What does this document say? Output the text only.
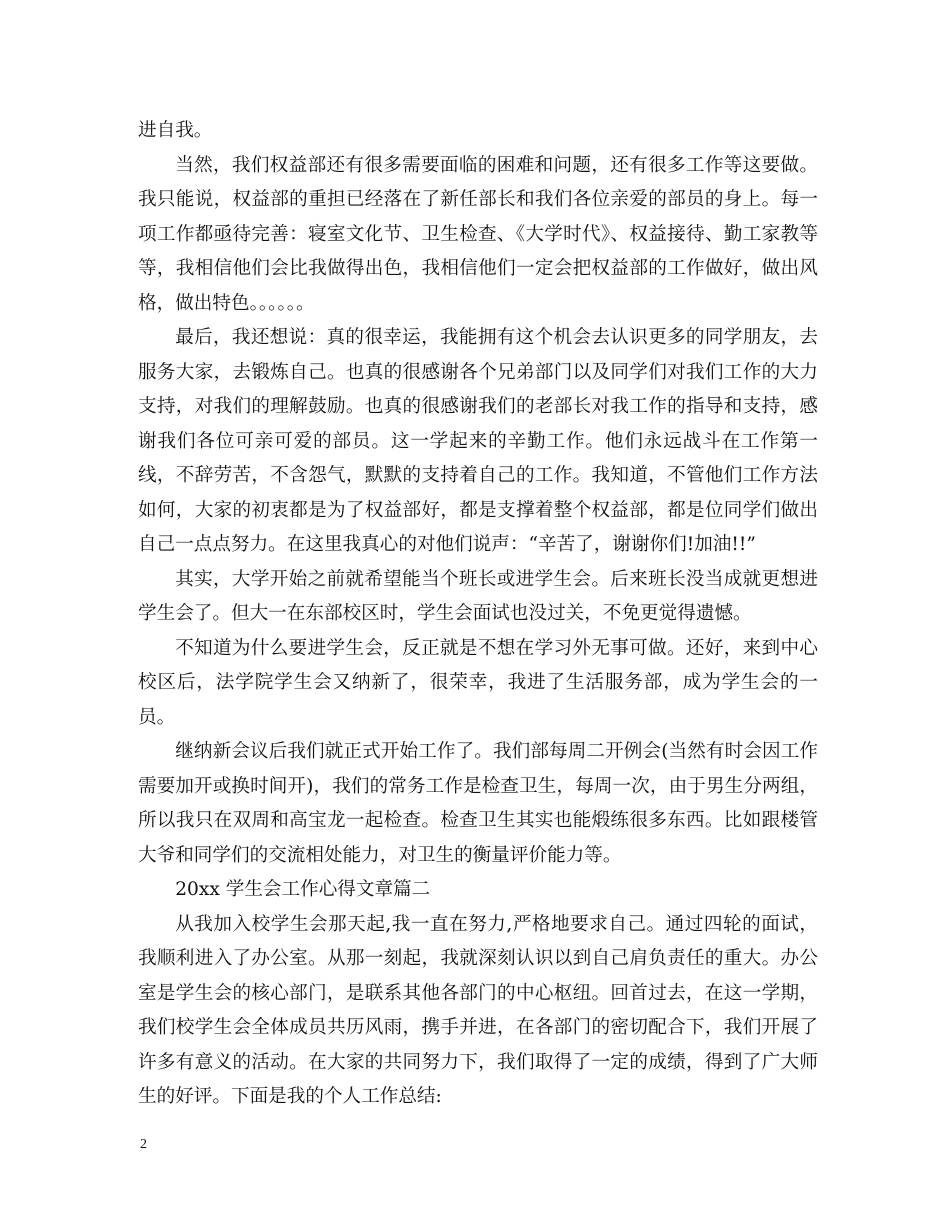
进自我。

当然，我们权益部还有很多需要面临的困难和问题，还有很多工作等这要做。我只能说，权益部的重担已经落在了新任部长和我们各位亲爱的部员的身上。每一项工作都亟待完善：寝室文化节、卫生检查、《大学时代》、权益接待、勤工家教等等，我相信他们会比我做得出色，我相信他们一定会把权益部的工作做好，做出风格，做出特色。。。。。。

最后，我还想说：真的很幸运，我能拥有这个机会去认识更多的同学朋友，去服务大家，去锻炼自己。也真的很感谢各个兄弟部门以及同学们对我们工作的大力支持，对我们的理解鼓励。也真的很感谢我们的老部长对我工作的指导和支持，感谢我们各位可亲可爱的部员。这一学起来的辛勤工作。他们永远战斗在工作第一线，不辞劳苦，不含怨气，默默的支持着自己的工作。我知道，不管他们工作方法如何，大家的初衷都是为了权益部好，都是支撑着整个权益部，都是位同学们做出自己一点点努力。在这里我真心的对他们说声：“辛苦了，谢谢你们!加油!!”

其实，大学开始之前就希望能当个班长或进学生会。后来班长没当成就更想进学生会了。但大一在东部校区时，学生会面试也没过关，不免更觉得遗憾。

不知道为什么要进学生会，反正就是不想在学习外无事可做。还好，来到中心校区后，法学院学生会又纳新了，很荣幸，我进了生活服务部，成为学生会的一员。

继纳新会议后我们就正式开始工作了。我们部每周二开例会(当然有时会因工作需要加开或换时间开)，我们的常务工作是检查卫生，每周一次，由于男生分两组，所以我只在双周和高宝龙一起检查。检查卫生其实也能煅练很多东西。比如跟楼管大爷和同学们的交流相处能力，对卫生的衡量评价能力等。

20xx 学生会工作心得文章篇二

从我加入校学生会那天起,我一直在努力,严格地要求自己。通过四轮的面试，我顺利进入了办公室。从那一刻起，我就深刻认识以到自己肩负责任的重大。办公室是学生会的核心部门，是联系其他各部门的中心枢纽。回首过去，在这一学期，我们校学生会全体成员共历风雨，携手并进，在各部门的密切配合下，我们开展了许多有意义的活动。在大家的共同努力下，我们取得了一定的成绩，得到了广大师生的好评。下面是我的个人工作总结:

2
